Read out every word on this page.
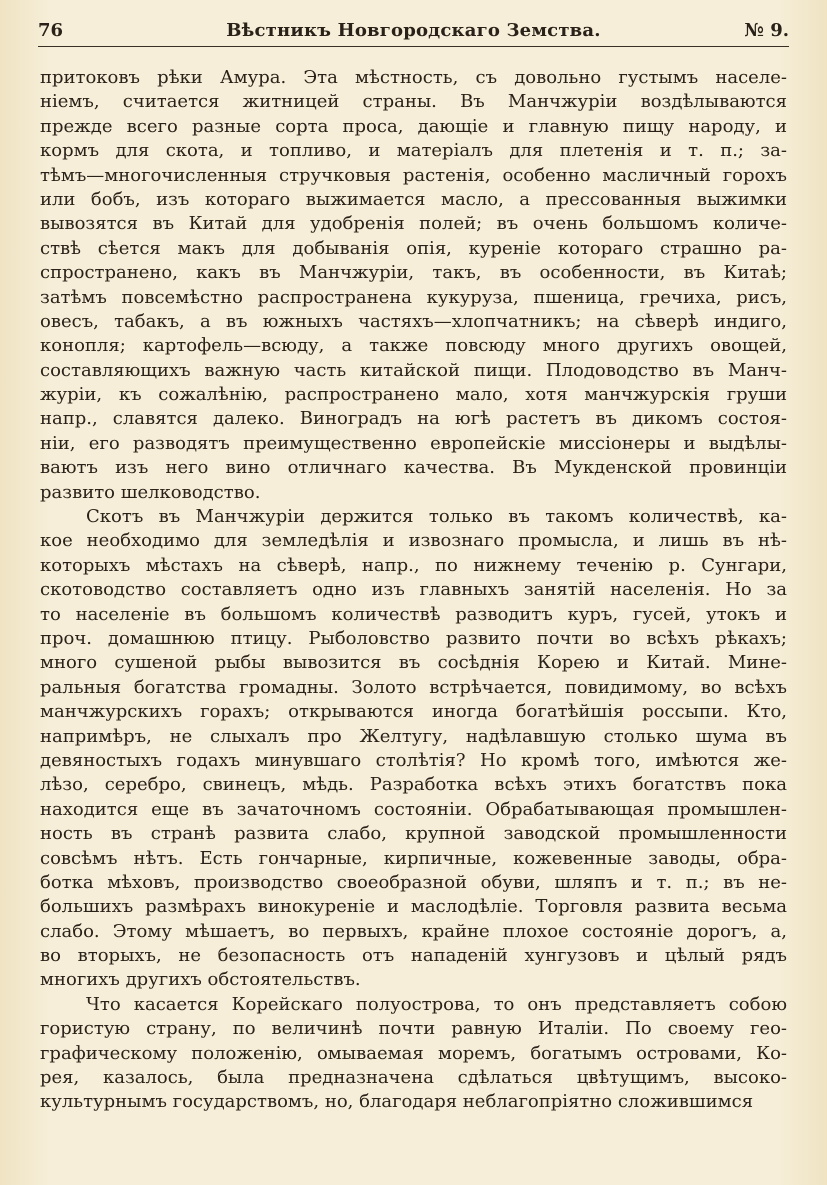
76	Вѣстникъ Новгородскаго Земства.	№ 9.
притоковъ рѣки Амура. Эта мѣстность, съ довольно густымъ населе-
ніемъ, считается житницей страны. Въ Манчжуріи воздѣлываются
прежде всего разные сорта проса, дающіе и главную пищу народу, и
кормъ для скота, и топливо, и матеріалъ для плетенія и т. п.; за-
тѣмъ—многочисленныя стручковыя растенія, особенно масличный горохъ
или бобъ, изъ котораго выжимается масло, а прессованныя выжимки
вывозятся въ Китай для удобренія полей; въ очень большомъ количе-
ствѣ сѣется макъ для добыванія опія, куреніе котораго страшно ра-
спространено, какъ въ Манчжуріи, такъ, въ особенности, въ Китаѣ;
затѣмъ повсемѣстно распространена кукуруза, пшеница, гречиха, рисъ,
овесъ, табакъ, а въ южныхъ частяхъ—хлопчатникъ; на сѣверѣ индиго,
конопля; картофель—всюду, а также повсюду много другихъ овощей,
составляющихъ важную часть китайской пищи. Плодоводство въ Манч-
журіи, къ сожалѣнію, распространено мало, хотя манчжурскія груши
напр., славятся далеко. Виноградъ на югѣ растетъ въ дикомъ состоя-
ніи, его разводятъ преимущественно европейскіе миссіонеры и выдѣлы-
ваютъ изъ него вино отличнаго качества. Въ Мукденской провинціи
развито шелководство.
Скотъ въ Манчжуріи держится только въ такомъ количествѣ, ка-
кое необходимо для земледѣлія и извознаго промысла, и лишь въ нѣ-
которыхъ мѣстахъ на сѣверѣ, напр., по нижнему теченію р. Сунгари,
скотоводство составляетъ одно изъ главныхъ занятій населенія. Но за
то населеніе въ большомъ количествѣ разводитъ куръ, гусей, утокъ и
проч. домашнюю птицу. Рыболовство развито почти во всѣхъ рѣкахъ;
много сушеной рыбы вывозится въ сосѣднія Корею и Китай. Мине-
ральныя богатства громадны. Золото встрѣчается, повидимому, во всѣхъ
манчжурскихъ горахъ; открываются иногда богатѣйшія россыпи. Кто,
напримѣръ, не слыхалъ про Желтугу, надѣлавшую столько шума въ
девяностыхъ годахъ минувшаго столѣтія? Но кромѣ того, имѣются же-
лѣзо, серебро, свинецъ, мѣдь. Разработка всѣхъ этихъ богатствъ пока
находится еще въ зачаточномъ состояніи. Обрабатывающая промышлен-
ность въ странѣ развита слабо, крупной заводской промышленности
совсѣмъ нѣтъ. Есть гончарные, кирпичные, кожевенные заводы, обра-
ботка мѣховъ, производство своеобразной обуви, шляпъ и т. п.; въ не-
большихъ размѣрахъ винокуреніе и маслодѣліе. Торговля развита весьма
слабо. Этому мѣшаетъ, во первыхъ, крайне плохое состояніе дорогъ, а,
во вторыхъ, не безопасность отъ нападеній хунгузовъ и цѣлый рядъ
многихъ другихъ обстоятельствъ.
Что касается Корейскаго полуострова, то онъ представляетъ собою
гористую страну, по величинѣ почти равную Италіи. По своему гео-
графическому положенію, омываемая моремъ, богатымъ островами, Ко-
рея, казалось, была предназначена сдѣлаться цвѣтущимъ, высоко-
культурнымъ государствомъ, но, благодаря неблагопріятно сложившимся
